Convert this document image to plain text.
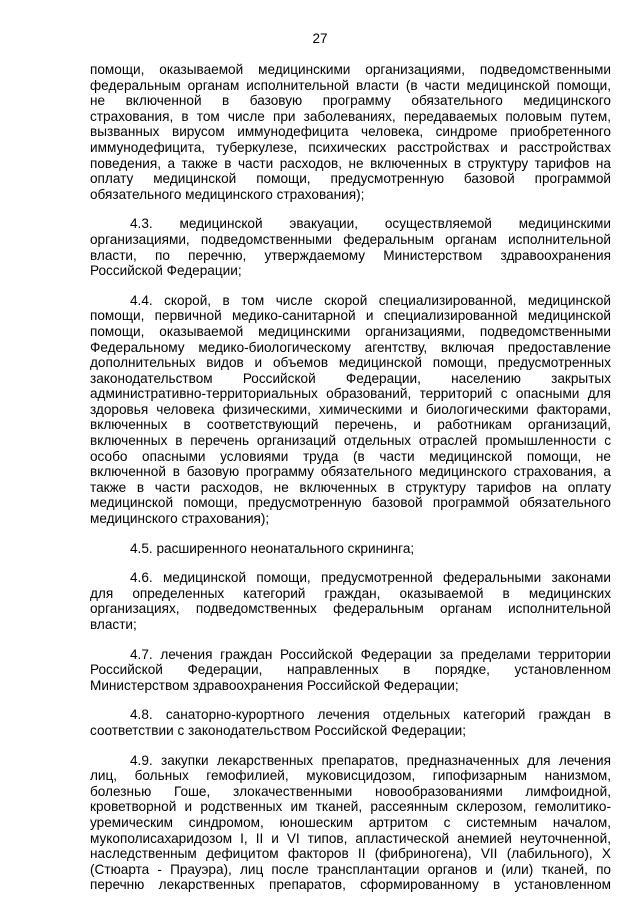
27
помощи, оказываемой медицинскими организациями, подведомственными
федеральным органам исполнительной власти (в части медицинской помощи,
не включенной в базовую программу обязательного медицинского
страхования, в том числе при заболеваниях, передаваемых половым путем,
вызванных вирусом иммунодефицита человека, синдроме приобретенного
иммунодефицита, туберкулезе, психических расстройствах и расстройствах
поведения, а также в части расходов, не включенных в структуру тарифов на
оплату медицинской помощи, предусмотренную базовой программой
обязательного медицинского страхования);
4.3. медицинской эвакуации, осуществляемой медицинскими
организациями, подведомственными федеральным органам исполнительной
власти, по перечню, утверждаемому Министерством здравоохранения
Российской Федерации;
4.4. скорой, в том числе скорой специализированной, медицинской
помощи, первичной медико-санитарной и специализированной медицинской
помощи, оказываемой медицинскими организациями, подведомственными
Федеральному медико-биологическому агентству, включая предоставление
дополнительных видов и объемов медицинской помощи, предусмотренных
законодательством Российской Федерации, населению закрытых
административно-территориальных образований, территорий с опасными для
здоровья человека физическими, химическими и биологическими факторами,
включенных в соответствующий перечень, и работникам организаций,
включенных в перечень организаций отдельных отраслей промышленности с
особо опасными условиями труда (в части медицинской помощи, не
включенной в базовую программу обязательного медицинского страхования, а
также в части расходов, не включенных в структуру тарифов на оплату
медицинской помощи, предусмотренную базовой программой обязательного
медицинского страхования);
4.5. расширенного неонатального скрининга;
4.6. медицинской помощи, предусмотренной федеральными законами
для определенных категорий граждан, оказываемой в медицинских
организациях, подведомственных федеральным органам исполнительной
власти;
4.7. лечения граждан Российской Федерации за пределами территории
Российской Федерации, направленных в порядке, установленном
Министерством здравоохранения Российской Федерации;
4.8. санаторно-курортного лечения отдельных категорий граждан в
соответствии с законодательством Российской Федерации;
4.9. закупки лекарственных препаратов, предназначенных для лечения
лиц, больных гемофилией, муковисцидозом, гипофизарным нанизмом,
болезнью Гоше, злокачественными новообразованиями лимфоидной,
кроветворной и родственных им тканей, рассеянным склерозом, гемолитико-
уремическим синдромом, юношеским артритом с системным началом,
мукополисахаридозом I, II и VI типов, апластической анемией неуточненной,
наследственным дефицитом факторов II (фибриногена), VII (лабильного), X
(Стюарта - Прауэра), лиц после трансплантации органов и (или) тканей, по
перечню лекарственных препаратов, сформированному в установленном
